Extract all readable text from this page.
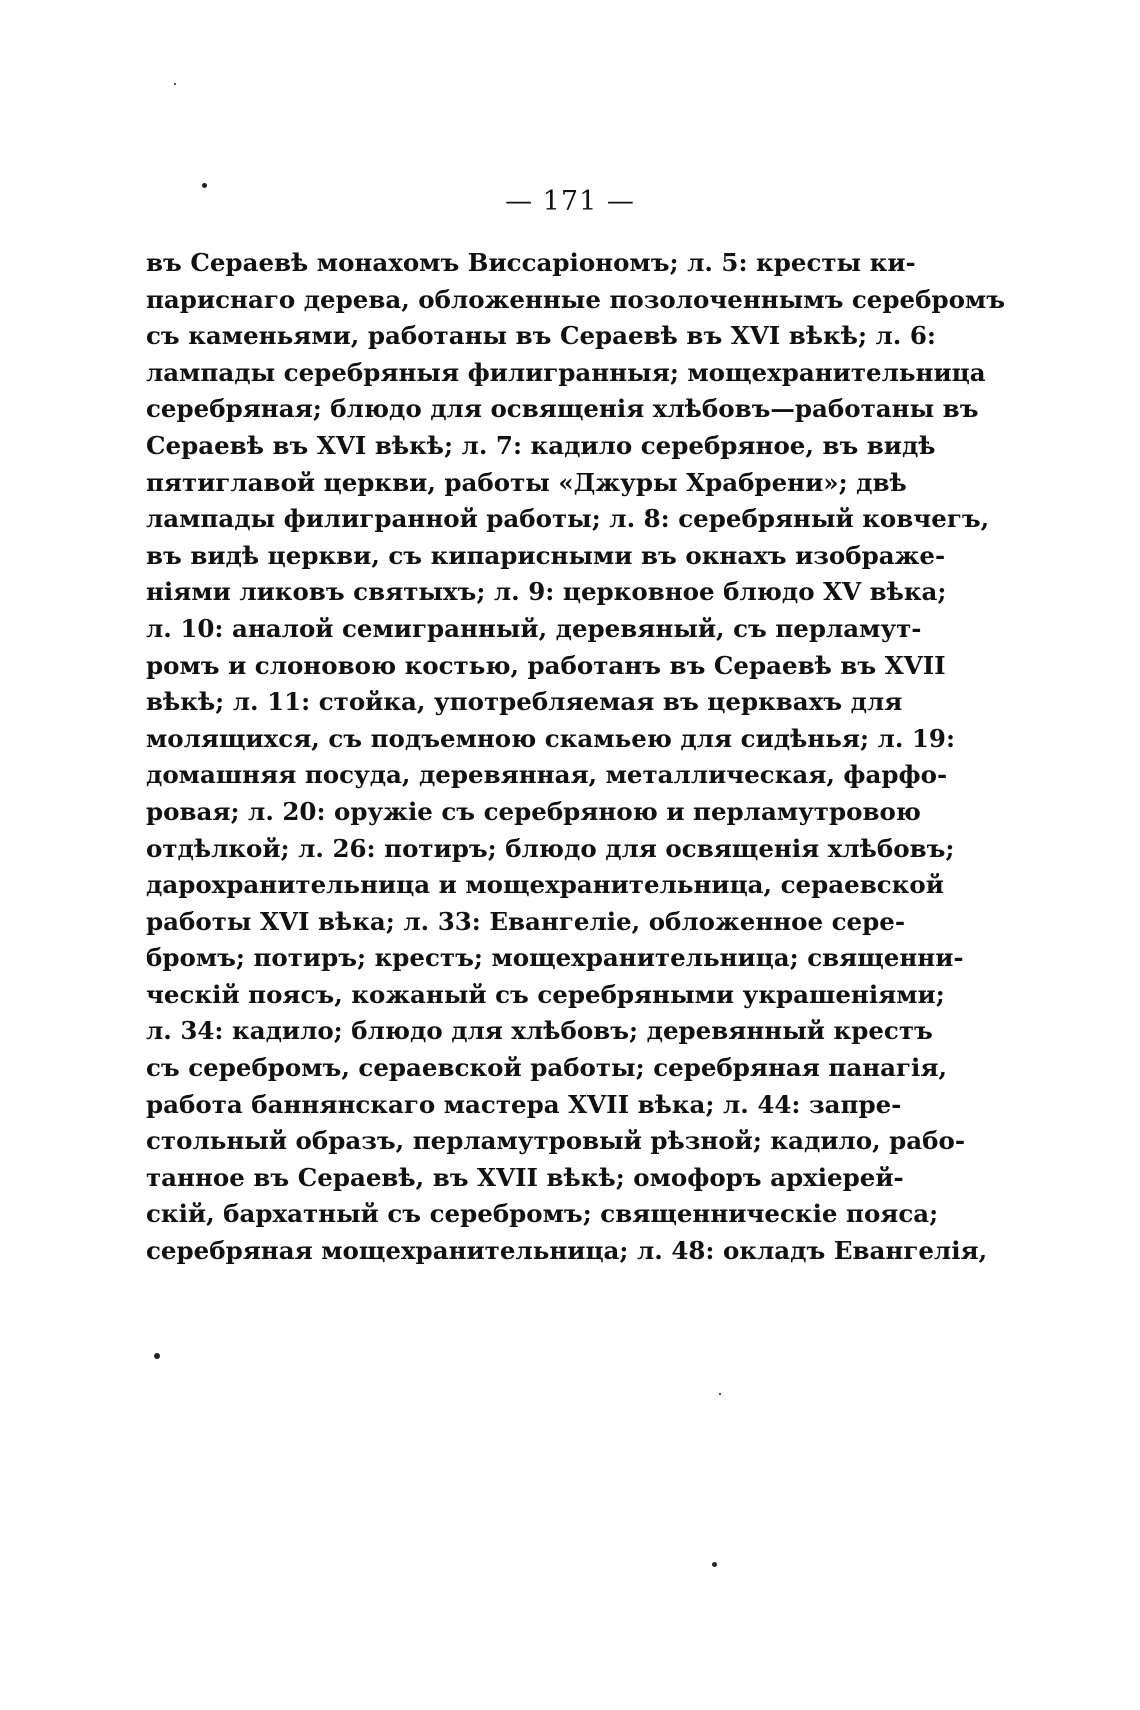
— 171 —
въ Сераевѣ монахомъ Виссаріономъ; л. 5: кресты ки-
париснаго дерева, обложенные позолоченнымъ серебромъ
съ каменьями, работаны въ Сераевѣ въ XVI вѣкѣ; л. 6:
лампады серебряныя филигранныя; мощехранительница
серебряная; блюдо для освященія хлѣбовъ—работаны въ
Сераевѣ въ XVI вѣкѣ; л. 7: кадило серебряное, въ видѣ
пятиглавой церкви, работы «Джуры Храбрени»; двѣ
лампады филигранной работы; л. 8: серебряный ковчегъ,
въ видѣ церкви, съ кипарисными въ окнахъ изображе-
ніями ликовъ святыхъ; л. 9: церковное блюдо XV вѣка;
л. 10: аналой семигранный, деревяный, съ перламут-
ромъ и слоновою костью, работанъ въ Сераевѣ въ XVII
вѣкѣ; л. 11: стойка, употребляемая въ церквахъ для
молящихся, съ подъемною скамьею для сидѣнья; л. 19:
домашняя посуда, деревянная, металлическая, фарфо-
ровая; л. 20: оружіе съ серебряною и перламутровою
отдѣлкой; л. 26: потиръ; блюдо для освященія хлѣбовъ;
дарохранительница и мощехранительница, сераевской
работы XVI вѣка; л. 33: Евангеліе, обложенное сере-
бромъ; потиръ; крестъ; мощехранительница; священни-
ческій поясъ, кожаный съ серебряными украшеніями;
л. 34: кадило; блюдо для хлѣбовъ; деревянный крестъ
съ серебромъ, сераевской работы; серебряная панагія,
работа баннянскаго мастера XVII вѣка; л. 44: запре-
стольный образъ, перламутровый рѣзной; кадило, рабо-
танное въ Сераевѣ, въ XVII вѣкѣ; омофоръ архіерей-
скій, бархатный съ серебромъ; священническіе пояса;
серебряная мощехранительница; л. 48: окладъ Евангелія,
